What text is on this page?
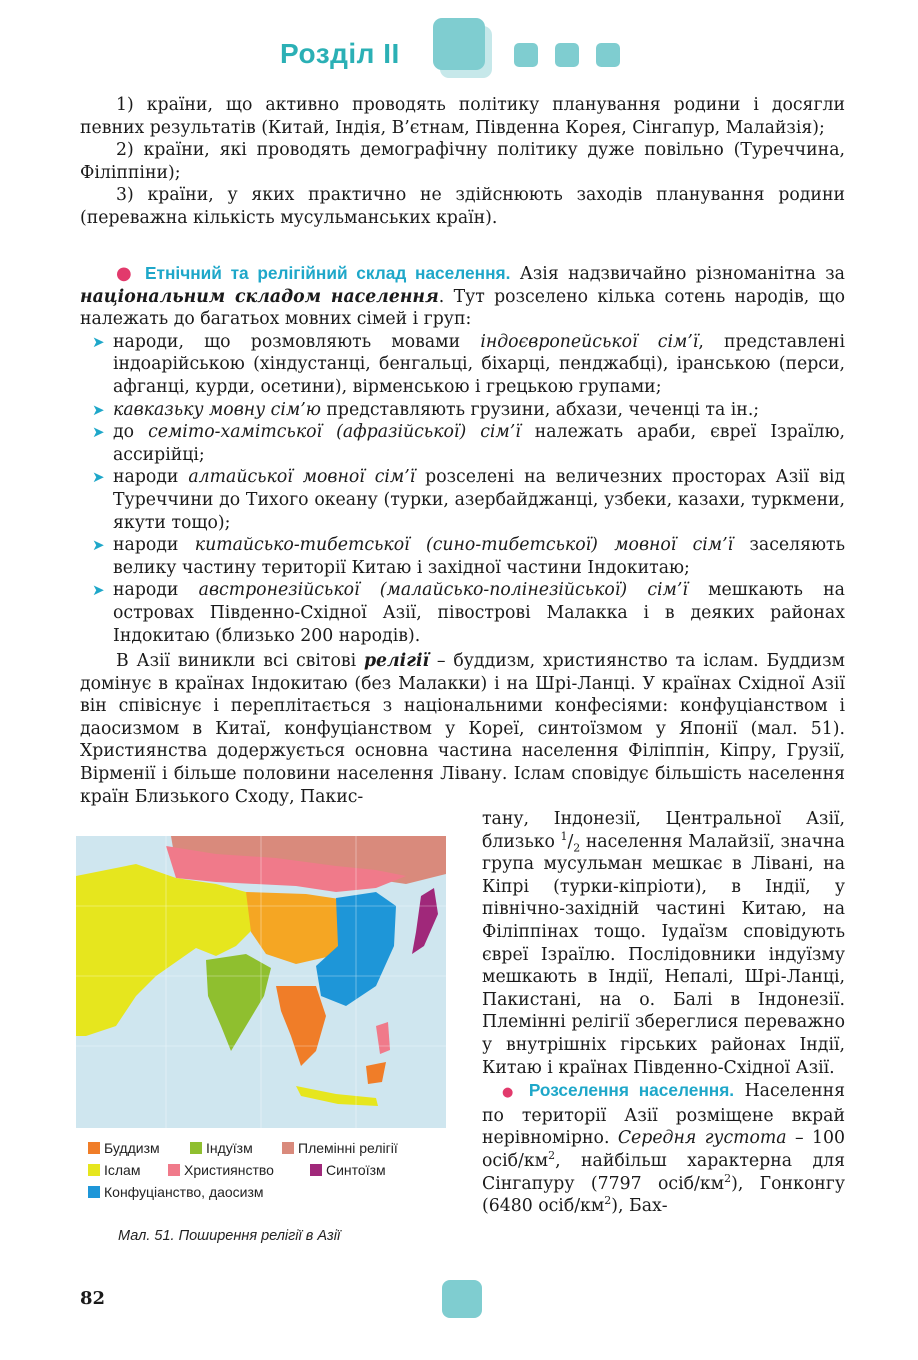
Розділ II

1) країни, що активно проводять політику планування родини і досягли певних результатів (Китай, Індія, В’єтнам, Південна Корея, Сінгапур, Малайзія);

2) країни, які проводять демографічну політику дуже повільно (Туреччина, Філіппіни);

3) країни, у яких практично не здійснюють заходів планування родини (переважна кількість мусульманських країн).

● Етнічний та релігійний склад населення. Азія надзвичайно різноманітна за національним складом населення. Тут розселено кілька сотень народів, що належать до багатьох мовних сімей і груп:

➤ народи, що розмовляють мовами індоєвропейської сім’ї, представлені індоарійською (хіндустанці, бенгальці, біхарці, пенджабці), іранською (перси, афганці, курди, осетини), вірменською і грецькою групами;
➤ кавказьку мовну сім’ю представляють грузини, абхази, чеченці та ін.;
➤ до семіто-хамітської (афразійської) сім’ї належать араби, євреї Ізраїлю, ассирійці;
➤ народи алтайської мовної сім’ї розселені на величезних просторах Азії від Туреччини до Тихого океану (турки, азербайджанці, узбеки, казахи, туркмени, якути тощо);
➤ народи китайсько-тибетської (сино-тибетської) мовної сім’ї заселяють велику частину території Китаю і західної частини Індокитаю;
➤ народи австронезійської (малайсько-полінезійської) сім’ї мешкають на островах Південно-Східної Азії, півострові Малакка і в деяких районах Індокитаю (близько 200 народів).

В Азії виникли всі світові релігії – буддизм, християнство та іслам. Буддизм домінує в країнах Індокитаю (без Малакки) і на Шрі-Ланці. У країнах Східної Азії він співіснує і переплітається з національними конфесіями: конфуціанством і даосизмом в Китаї, конфуціанством у Кореї, синтоїзмом у Японії (мал. 51). Християнства додержується основна частина населення Філіппін, Кіпру, Грузії, Вірменії і більше половини населення Лівану. Іслам сповідує більшість населення країн Близького Сходу, Пакис-

тану, Індонезії, Центральної Азії, близько $^1/_2$ населення Малайзії, значна група мусульман мешкає в Лівані, на Кіпрі (турки-кіпріоти), в Індії, у північно-західній частині Китаю, на Філіппінах тощо. Іудаїзм сповідують євреї Ізраїлю. Послідовники індуїзму мешкають в Індії, Непалі, Шрі-Ланці, Пакистані, на о. Балі в Індонезії. Племінні релігії збереглися переважно у внутрішніх гірських районах Індії, Китаю і країнах Південно-Східної Азії.

● Розселення населення. Населення по території Азії розміщене вкрай нерівномірно. Середня густота – 100 осіб/$км^2$, найбільш характерна для Сінгапуру (7797 осіб/$км^2$), Гонконгу (6480 осіб/$км^2$), Бах-

Буддизм	Індуїзм	Племінні релігії
Іслам	Християнство	Синтоїзм
Конфуціанство, даосизм
Мал. 51. Поширення релігії в Азії
82
